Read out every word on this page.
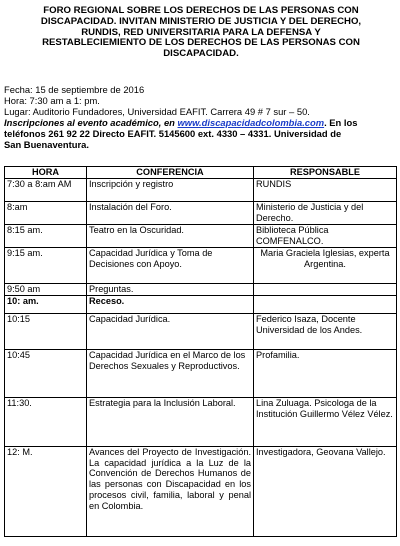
FORO REGIONAL SOBRE LOS DERECHOS DE LAS PERSONAS CON
DISCAPACIDAD. INVITAN MINISTERIO DE JUSTICIA Y DEL DERECHO,
RUNDIS, RED UNIVERSITARIA PARA LA DEFENSA Y
RESTABLECIEMIENTO DE LOS DERECHOS DE LAS PERSONAS CON
DISCAPACIDAD.
Fecha: 15 de septiembre de 2016
Hora: 7:30 am a 1: pm.
Lugar: Auditorio Fundadores, Universidad EAFIT. Carrera 49 # 7 sur – 50.
Inscripciones al evento académico, en www.discapacidadcolombia.com. En los
teléfonos 261 92 22 Directo EAFIT. 5145600 ext. 4330 – 4331. Universidad de
San Buenaventura.
HORA	CONFERENCIA	RESPONSABLE
7:30 a 8:am AM	Inscripción y registro	RUNDIS
8:am	Instalación del Foro.	Ministerio de Justicia y del Derecho.
8:15 am.	Teatro en la Oscuridad.	Biblioteca Pública COMFENALCO.
9:15 am.	Capacidad Jurídica y Toma de Decisiones con Apoyo.	Maria Graciela Iglesias, experta Argentina.
9:50 am	Preguntas.	
10: am.	Receso.	
10:15	Capacidad Jurídica.	Federico Isaza, Docente Universidad de los Andes.
10:45	Capacidad Jurídica en el Marco de los Derechos Sexuales y Reproductivos.	Profamilia.
11:30.	Estrategia para la Inclusión Laboral.	Lina Zuluaga. Psicologa de la Institución Guillermo Vélez Vélez.
12: M.	Avances del Proyecto de Investigación. La capacidad jurídica a la Luz de la Convención de Derechos Humanos de las personas con Discapacidad en los procesos civil, familia, laboral y penal en Colombia.	Investigadora, Geovana Vallejo.
